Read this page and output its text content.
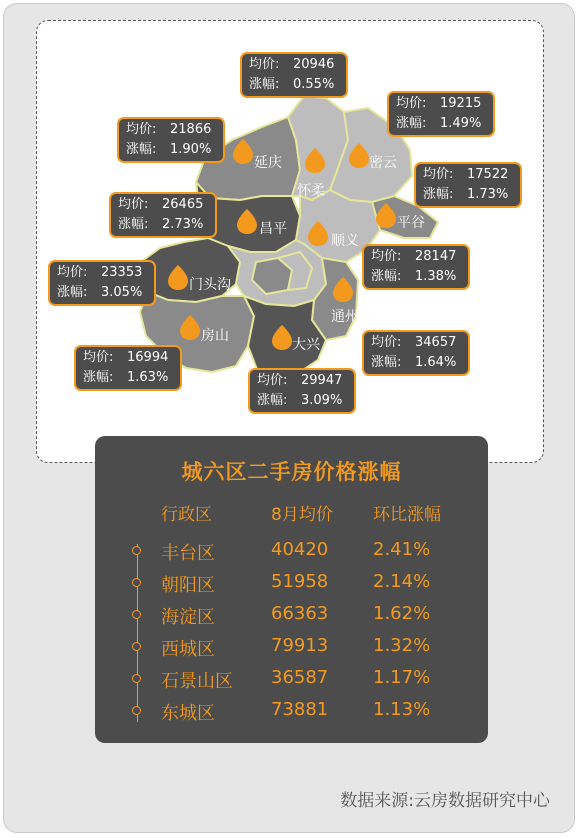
延庆
怀柔
密云
平谷
昌平
顺义
门头沟
通州
房山
大兴
均价: 21866
涨幅: 1.90%
均价: 20946
涨幅: 0.55%
均价: 19215
涨幅: 1.49%
均价: 17522
涨幅: 1.73%
均价: 26465
涨幅: 2.73%
均价: 28147
涨幅: 1.38%
均价: 23353
涨幅: 3.05%
均价: 34657
涨幅: 1.64%
均价: 16994
涨幅: 1.63%	均价: 29947
涨幅: 3.09%
城六区二手房价格涨幅
行政区	8月均价 环比涨幅
丰台区	40420 2.41%
朝阳区	51958 2.14%
海淀区	66363 1.62%
西城区	79913 1.32%
石景山区 36587 1.17%
东城区	73881 1.13%
数据来源:云房数据研究中心
